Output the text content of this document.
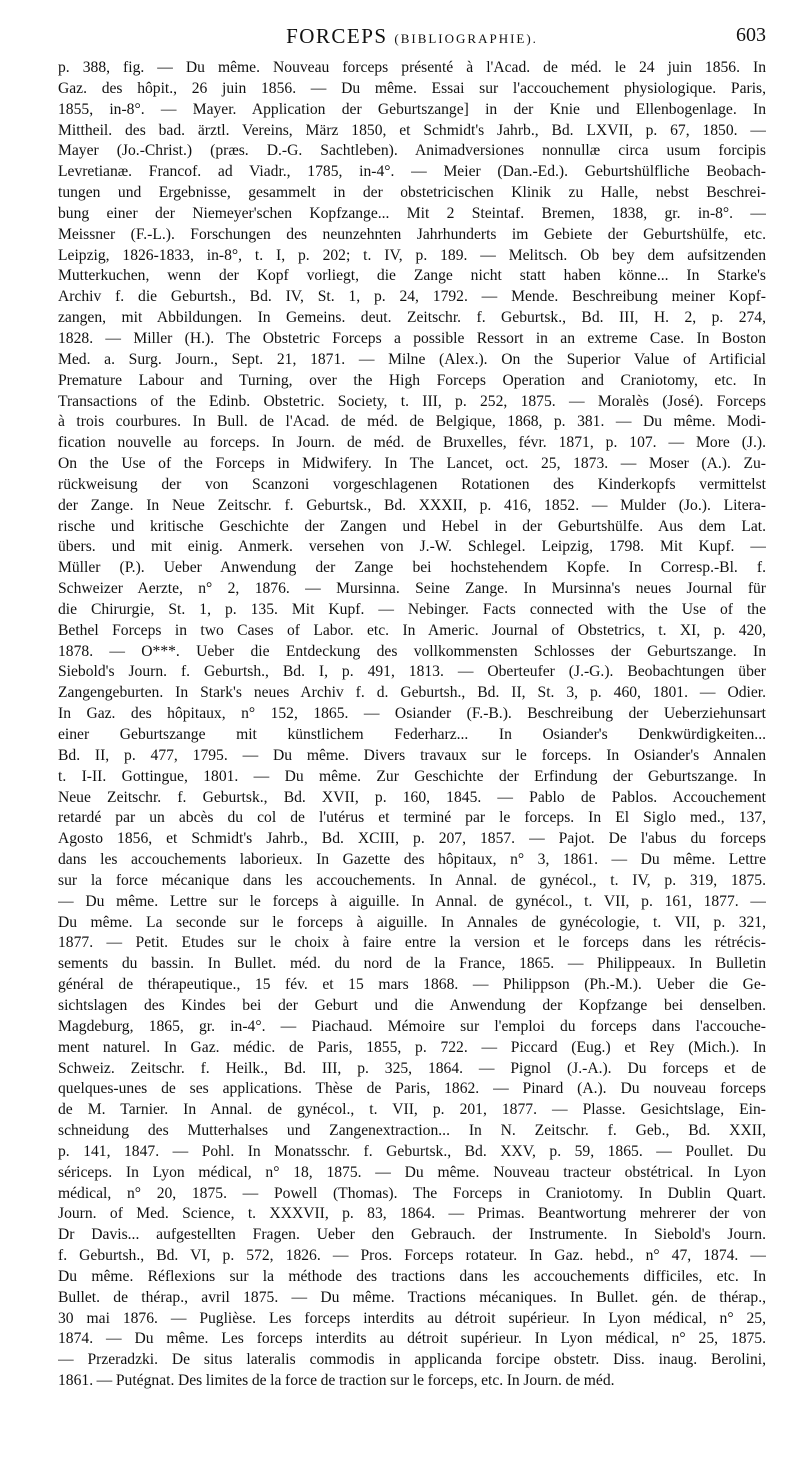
FORCEPS (BIBLIOGRAPHIE).	603
p. 388, fig. — Du même. Nouveau forceps présenté à l'Acad. de méd. le 24 juin 1856. In
Gaz. des hôpit., 26 juin 1856. — Du même. Essai sur l'accouchement physiologique. Paris,
1855, in-8°. — Mayer. Application der Geburtszange] in der Knie und Ellenbogenlage. In
Mittheil. des bad. ärztl. Vereins, März 1850, et Schmidt's Jahrb., Bd. LXVII, p. 67, 1850. —
Mayer (Jo.-Christ.) (præs. D.-G. Sachtleben). Animadversiones nonnullæ circa usum forcipis
Levretianæ. Francof. ad Viadr., 1785, in-4°. — Meier (Dan.-Ed.). Geburtshülfliche Beobach-
tungen und Ergebnisse, gesammelt in der obstetricischen Klinik zu Halle, nebst Beschrei-
bung einer der Niemeyer'schen Kopfzange... Mit 2 Steintaf. Bremen, 1838, gr. in-8°. —
Meissner (F.-L.). Forschungen des neunzehnten Jahrhunderts im Gebiete der Geburtshülfe, etc.
Leipzig, 1826-1833, in-8°, t. I, p. 202; t. IV, p. 189. — Melitsch. Ob bey dem aufsitzenden
Mutterkuchen, wenn der Kopf vorliegt, die Zange nicht statt haben könne... In Starke's
Archiv f. die Geburtsh., Bd. IV, St. 1, p. 24, 1792. — Mende. Beschreibung meiner Kopf-
zangen, mit Abbildungen. In Gemeins. deut. Zeitschr. f. Geburtsk., Bd. III, H. 2, p. 274,
1828. — Miller (H.). The Obstetric Forceps a possible Ressort in an extreme Case. In Boston
Med. a. Surg. Journ., Sept. 21, 1871. — Milne (Alex.). On the Superior Value of Artificial
Premature Labour and Turning, over the High Forceps Operation and Craniotomy, etc. In
Transactions of the Edinb. Obstetric. Society, t. III, p. 252, 1875. — Moralès (José). Forceps
à trois courbures. In Bull. de l'Acad. de méd. de Belgique, 1868, p. 381. — Du même. Modi-
fication nouvelle au forceps. In Journ. de méd. de Bruxelles, févr. 1871, p. 107. — More (J.).
On the Use of the Forceps in Midwifery. In The Lancet, oct. 25, 1873. — Moser (A.). Zu-
rückweisung der von Scanzoni vorgeschlagenen Rotationen des Kinderkopfs vermittelst
der Zange. In Neue Zeitschr. f. Geburtsk., Bd. XXXII, p. 416, 1852. — Mulder (Jo.). Litera-
rische und kritische Geschichte der Zangen und Hebel in der Geburtshülfe. Aus dem Lat.
übers. und mit einig. Anmerk. versehen von J.-W. Schlegel. Leipzig, 1798. Mit Kupf. —
Müller (P.). Ueber Anwendung der Zange bei hochstehendem Kopfe. In Corresp.-Bl. f.
Schweizer Aerzte, n° 2, 1876. — Mursinna. Seine Zange. In Mursinna's neues Journal für
die Chirurgie, St. 1, p. 135. Mit Kupf. — Nebinger. Facts connected with the Use of the
Bethel Forceps in two Cases of Labor. etc. In Americ. Journal of Obstetrics, t. XI, p. 420,
1878. — O***. Ueber die Entdeckung des vollkommensten Schlosses der Geburtszange. In
Siebold's Journ. f. Geburtsh., Bd. I, p. 491, 1813. — Oberteufer (J.-G.). Beobachtungen über
Zangengeburten. In Stark's neues Archiv f. d. Geburtsh., Bd. II, St. 3, p. 460, 1801. — Odier.
In Gaz. des hôpitaux, n° 152, 1865. — Osiander (F.-B.). Beschreibung der Ueberziehunsart
einer Geburtszange mit künstlichem Federharz... In Osiander's Denkwürdigkeiten...
Bd. II, p. 477, 1795. — Du même. Divers travaux sur le forceps. In Osiander's Annalen
t. I-II. Gottingue, 1801. — Du même. Zur Geschichte der Erfindung der Geburtszange. In
Neue Zeitschr. f. Geburtsk., Bd. XVII, p. 160, 1845. — Pablo de Pablos. Accouchement
retardé par un abcès du col de l'utérus et terminé par le forceps. In El Siglo med., 137,
Agosto 1856, et Schmidt's Jahrb., Bd. XCIII, p. 207, 1857. — Pajot. De l'abus du forceps
dans les accouchements laborieux. In Gazette des hôpitaux, n° 3, 1861. — Du même. Lettre
sur la force mécanique dans les accouchements. In Annal. de gynécol., t. IV, p. 319, 1875.
— Du même. Lettre sur le forceps à aiguille. In Annal. de gynécol., t. VII, p. 161, 1877. —
Du même. La seconde sur le forceps à aiguille. In Annales de gynécologie, t. VII, p. 321,
1877. — Petit. Etudes sur le choix à faire entre la version et le forceps dans les rétrécis-
sements du bassin. In Bullet. méd. du nord de la France, 1865. — Philippeaux. In Bulletin
général de thérapeutique., 15 fév. et 15 mars 1868. — Philippson (Ph.-M.). Ueber die Ge-
sichtslagen des Kindes bei der Geburt und die Anwendung der Kopfzange bei denselben.
Magdeburg, 1865, gr. in-4°. — Piachaud. Mémoire sur l'emploi du forceps dans l'accouche-
ment naturel. In Gaz. médic. de Paris, 1855, p. 722. — Piccard (Eug.) et Rey (Mich.). In
Schweiz. Zeitschr. f. Heilk., Bd. III, p. 325, 1864. — Pignol (J.-A.). Du forceps et de
quelques-unes de ses applications. Thèse de Paris, 1862. — Pinard (A.). Du nouveau forceps
de M. Tarnier. In Annal. de gynécol., t. VII, p. 201, 1877. — Plasse. Gesichtslage, Ein-
schneidung des Mutterhalses und Zangenextraction... In N. Zeitschr. f. Geb., Bd. XXII,
p. 141, 1847. — Pohl. In Monatsschr. f. Geburtsk., Bd. XXV, p. 59, 1865. — Poullet. Du
sériceps. In Lyon médical, n° 18, 1875. — Du même. Nouveau tracteur obstétrical. In Lyon
médical, n° 20, 1875. — Powell (Thomas). The Forceps in Craniotomy. In Dublin Quart.
Journ. of Med. Science, t. XXXVII, p. 83, 1864. — Primas. Beantwortung mehrerer der von
Dr Davis... aufgestellten Fragen. Ueber den Gebrauch. der Instrumente. In Siebold's Journ.
f. Geburtsh., Bd. VI, p. 572, 1826. — Pros. Forceps rotateur. In Gaz. hebd., n° 47, 1874. —
Du même. Réflexions sur la méthode des tractions dans les accouchements difficiles, etc. In
Bullet. de thérap., avril 1875. — Du même. Tractions mécaniques. In Bullet. gén. de thérap.,
30 mai 1876. — Puglièse. Les forceps interdits au détroit supérieur. In Lyon médical, n° 25,
1874. — Du même. Les forceps interdits au détroit supérieur. In Lyon médical, n° 25, 1875.
— Przeradzki. De situs lateralis commodis in applicanda forcipe obstetr. Diss. inaug. Berolini,
1861. — Putégnat. Des limites de la force de traction sur le forceps, etc. In Journ. de méd.
